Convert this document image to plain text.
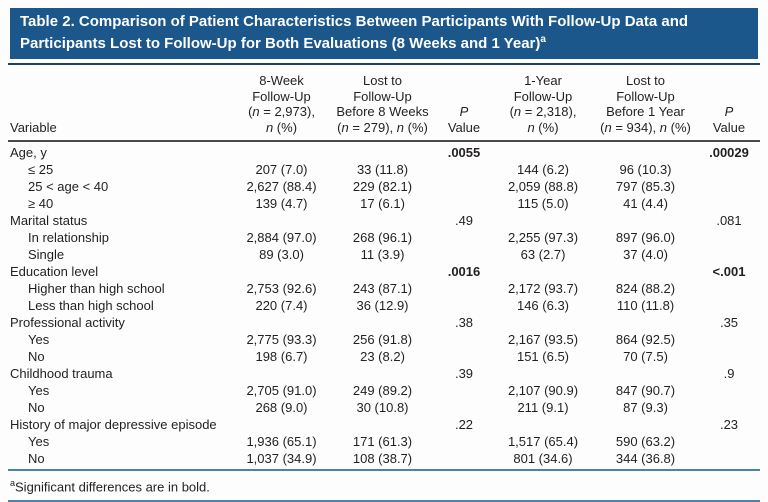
Table 2. Comparison of Patient Characteristics Between Participants With Follow-Up Data and Participants Lost to Follow-Up for Both Evaluations (8 Weeks and 1 Year)$^a$
Variable	8-Week
Follow-Up
(n = 2,973),
n (%)	Lost to
Follow-Up
Before 8 Weeks
(n = 279), n (%)	P
Value	1-Year
Follow-Up
(n = 2,318),
n (%)	Lost to
Follow-Up
Before 1 Year
(n = 934), n (%)	P
Value
Age, y			.0055			.00029
≤ 25	207 (7.0)	33 (11.8)		144 (6.2)	96 (10.3)	
25 < age < 40	2,627 (88.4)	229 (82.1)		2,059 (88.8)	797 (85.3)	
≥ 40	139 (4.7)	17 (6.1)		115 (5.0)	41 (4.4)	
Marital status			.49			.081
In relationship	2,884 (97.0)	268 (96.1)		2,255 (97.3)	897 (96.0)	
Single	89 (3.0)	11 (3.9)		63 (2.7)	37 (4.0)	
Education level			.0016			<.001
Higher than high school	2,753 (92.6)	243 (87.1)		2,172 (93.7)	824 (88.2)	
Less than high school	220 (7.4)	36 (12.9)		146 (6.3)	110 (11.8)	
Professional activity			.38			.35
Yes	2,775 (93.3)	256 (91.8)		2,167 (93.5)	864 (92.5)	
No	198 (6.7)	23 (8.2)		151 (6.5)	70 (7.5)	
Childhood trauma			.39			.9
Yes	2,705 (91.0)	249 (89.2)		2,107 (90.9)	847 (90.7)	
No	268 (9.0)	30 (10.8)		211 (9.1)	87 (9.3)	
History of major depressive episode			.22			.23
Yes	1,936 (65.1)	171 (61.3)		1,517 (65.4)	590 (63.2)	
No	1,037 (34.9)	108 (38.7)		801 (34.6)	344 (36.8)	
$^a$Significant differences are in bold.
